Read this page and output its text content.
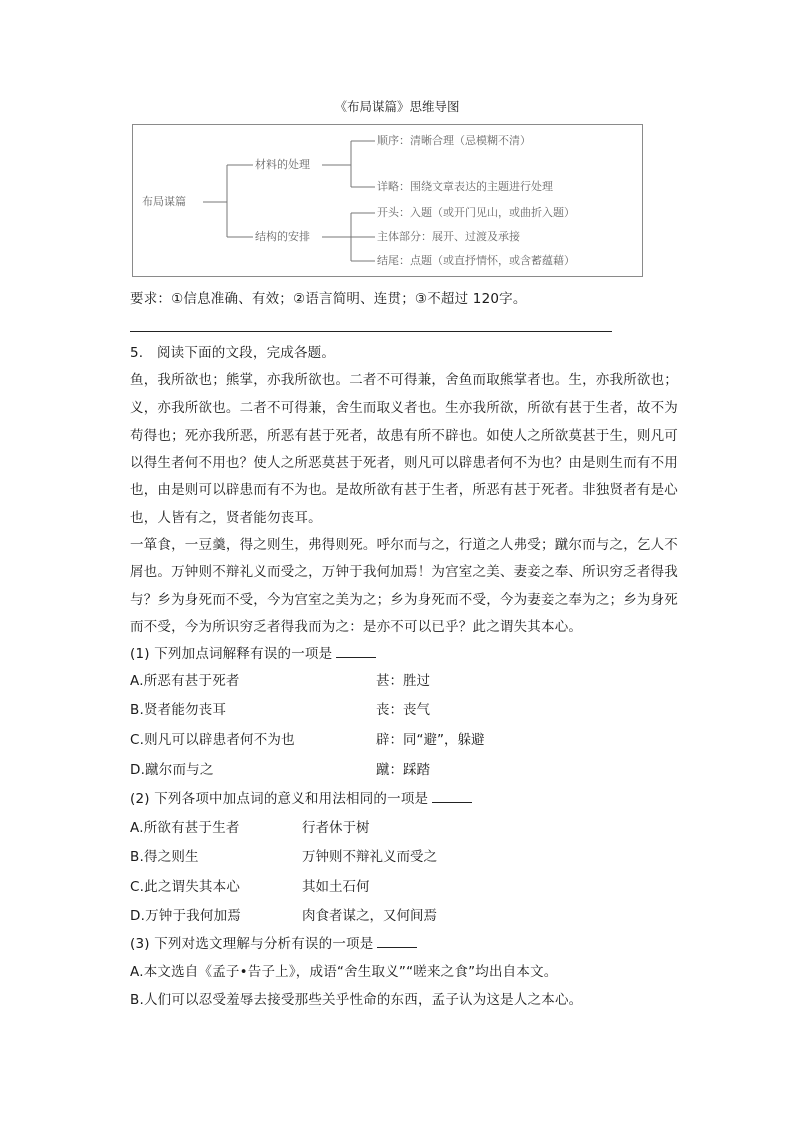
《布局谋篇》思维导图
布局谋篇
材料的处理
顺序：清晰合理（忌模糊不清）
详略：围绕文章表达的主题进行处理
结构的安排
开头：入题（或开门见山，或曲折入题）
主体部分：展开、过渡及承接
结尾：点题（或直抒情怀，或含蓄蕴藉）
要求：①信息准确、有效；②语言简明、连贯；③不超过 120字。
5.　阅读下面的文段，完成各题。
鱼，我所欲也；熊掌，亦我所欲也。二者不可得兼，舍鱼而取熊掌者也。生，亦我所欲也；
义，亦我所欲也。二者不可得兼，舍生而取义者也。生亦我所欲，所欲有甚于生者，故不为
苟得也；死亦我所恶，所恶有甚于死者，故患有所不辟也。如使人之所欲莫甚于生，则凡可
以得生者何不用也？使人之所恶莫甚于死者，则凡可以辟患者何不为也？由是则生而有不用
也，由是则可以辟患而有不为也。是故所欲有甚于生者，所恶有甚于死者。非独贤者有是心
也，人皆有之，贤者能勿丧耳。
一箪食，一豆羹，得之则生，弗得则死。呼尔而与之，行道之人弗受；蹴尔而与之，乞人不
屑也。万钟则不辩礼义而受之，万钟于我何加焉！为宫室之美、妻妾之奉、所识穷乏者得我
与？乡为身死而不受，今为宫室之美为之；乡为身死而不受，今为妻妾之奉为之；乡为身死
而不受，今为所识穷乏者得我而为之：是亦不可以已乎？此之谓失其本心。
(1) 下列加点词解释有误的一项是
A.所恶有甚于死者	甚：胜过
B.贤者能勿丧耳	丧：丧气
C.则凡可以辟患者何不为也	辟：同“避”，躲避
D.蹴尔而与之	蹴：踩踏
(2) 下列各项中加点词的意义和用法相同的一项是
A.所欲有甚于生者	行者休于树
B.得之则生	万钟则不辩礼义而受之
C.此之谓失其本心	其如土石何
D.万钟于我何加焉	肉食者谋之，又何间焉
(3) 下列对选文理解与分析有误的一项是
A.本文选自《孟子•告子上》，成语“舍生取义”“嗟来之食”均出自本文。
B.人们可以忍受羞辱去接受那些关乎性命的东西，孟子认为这是人之本心。
